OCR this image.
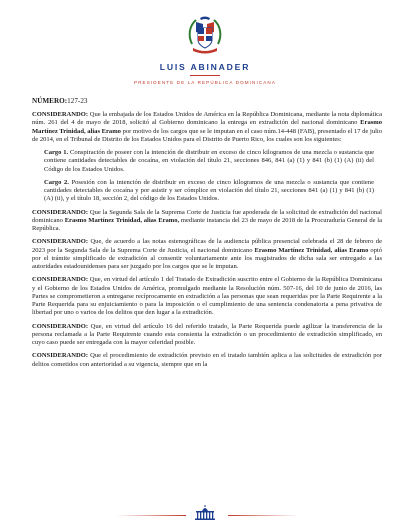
LUIS ABINADER
PRESIDENTE DE LA REPÚBLICA DOMINICANA
NÚMERO:127-23

CONSIDERANDO: Que la embajada de los Estados Unidos de América en la República Dominicana, mediante la nota diplomática núm. 261 del 4 de mayo de 2018, solicitó al Gobierno dominicano la entrega en extradición del nacional dominicano Erasmo Martínez Trinidad, alias Eramo por motivo de los cargos que se le imputan en el caso núm.14-448 (FAB), presentado el 17 de julio de 2014, en el Tribunal de Distrito de los Estados Unidos para el Distrito de Puerto Rico, los cuales son los siguientes:

Cargo 1. Conspiración de poseer con la intención de distribuir en exceso de cinco kilogramos de una mezcla o sustancia que contiene cantidades detectables de cocaína, en violación del título 21, secciones 846, 841 (a) (1) y 841 (b) (1) (A) (ii) del Código de los Estados Unidos.

Cargo 2. Posesión con la intención de distribuir en exceso de cinco kilogramos de una mezcla o sustancia que contiene cantidades detectables de cocaína y por asistir y ser cómplice en violación del título 21, secciones 841 (a) (1) y 841 (b) (1) (A) (ii), y el título 18, sección 2, del código de los Estados Unidos.

CONSIDERANDO: Que la Segunda Sala de la Suprema Corte de Justicia fue apoderada de la solicitud de extradición del nacional dominicano Erasmo Martínez Trinidad, alias Eramo, mediante instancia del 23 de mayo de 2018 de la Procuraduría General de la República.

CONSIDERANDO: Que, de acuerdo a las notas estenográficas de la audiencia pública presencial celebrada el 28 de febrero de 2023 por la Segunda Sala de la Suprema Corte de Justicia, el nacional dominicano Erasmo Martínez Trinidad, alias Eramo optó por el trámite simplificado de extradición al consentir voluntariamente ante los magistrados de dicha sala ser entregado a las autoridades estadounidenses para ser juzgado por los cargos que se le imputan.

CONSIDERANDO: Que, en virtud del artículo 1 del Tratado de Extradición suscrito entre el Gobierno de la República Dominicana y el Gobierno de los Estados Unidos de América, promulgado mediante la Resolución núm. 507-16, del 10 de junio de 2016, las Partes se comprometieron a entregarse recíprocamente en extradición a las personas que sean requeridas por la Parte Requirente a la Parte Requerida para su enjuiciamiento o para la imposición o el cumplimiento de una sentencia condenatoria a pena privativa de libertad por uno o varios de los delitos que den lugar a la extradición.

CONSIDERANDO: Que, en virtud del artículo 16 del referido tratado, la Parte Requerida puede agilizar la transferencia de la persona reclamada a la Parte Requirente cuando esta consienta la extradición o un procedimiento de extradición simplificado, en cuyo caso puede ser entregada con la mayor celeridad posible.

CONSIDERANDO: Que el procedimiento de extradición previsto en el tratado también aplica a las solicitudes de extradición por delitos cometidos con anterioridad a su vigencia, siempre que en la
